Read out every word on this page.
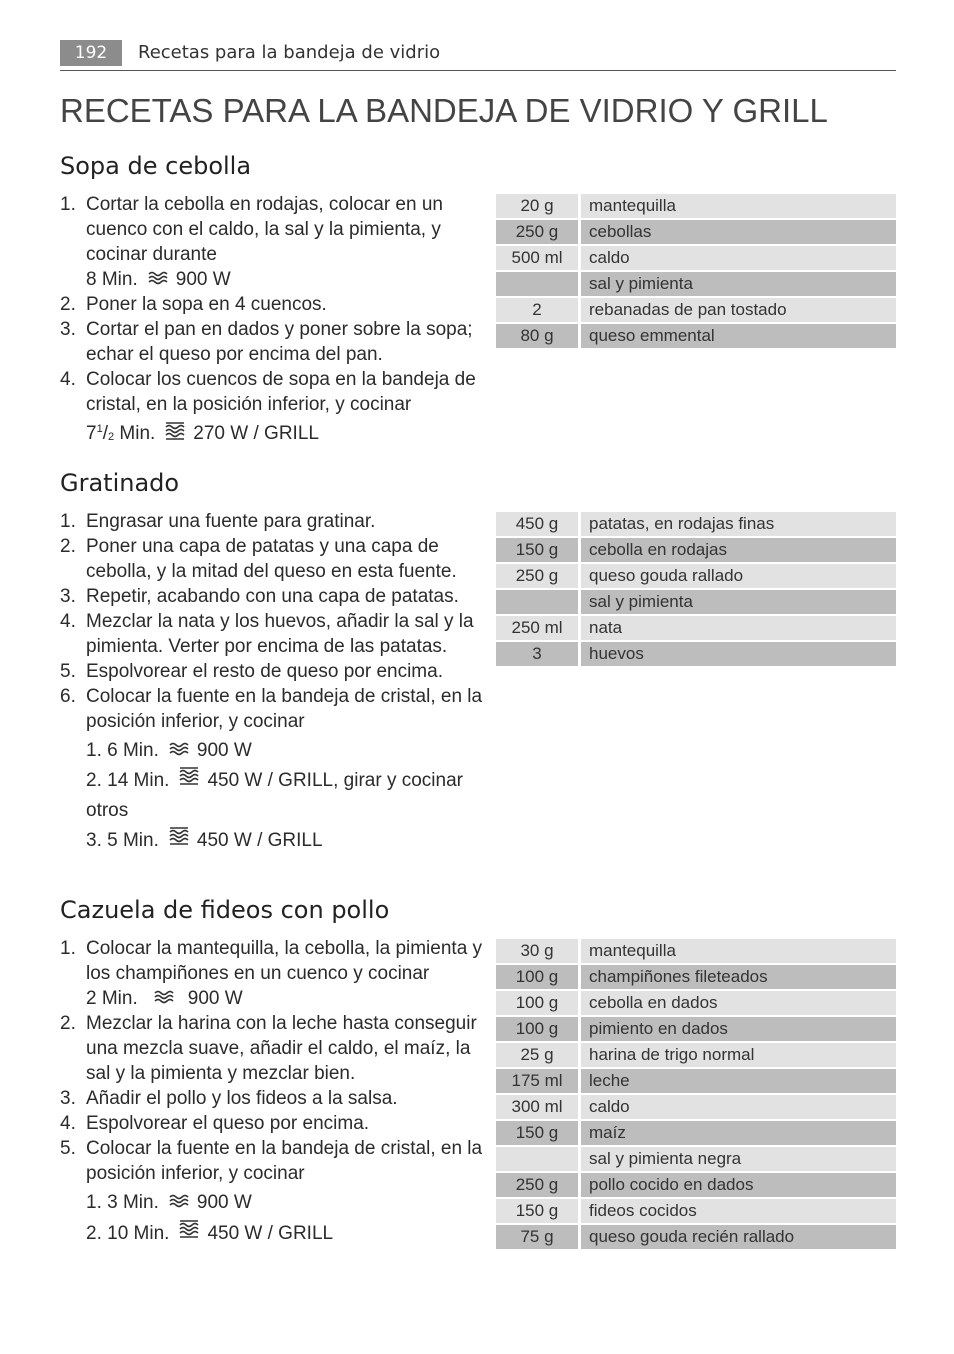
192	Recetas para la bandeja de vidrio
RECETAS PARA LA BANDEJA DE VIDRIO Y GRILL
Sopa de cebolla
1. Cortar la cebolla en rodajas, colocar en un cuenco con el caldo, la sal y la pimienta, y cocinar durante
8 Min. 900 W
2. Poner la sopa en 4 cuencos.
3. Cortar el pan en dados y poner sobre la sopa; echar el queso por encima del pan.
4. Colocar los cuencos de sopa en la bandeja de cristal, en la posición inferior, y cocinar
$7^1/_2$ Min. 270 W / GRILL
20 g	mantequilla
250 g	cebollas
500 ml	caldo
	sal y pimienta
2	rebanadas de pan tostado
80 g	queso emmental
Gratinado
1. Engrasar una fuente para gratinar.
2. Poner una capa de patatas y una capa de cebolla, y la mitad del queso en esta fuente.
3. Repetir, acabando con una capa de patatas.
4. Mezclar la nata y los huevos, añadir la sal y la pimienta. Verter por encima de las patatas.
5. Espolvorear el resto de queso por encima.
6. Colocar la fuente en la bandeja de cristal, en la posición inferior, y cocinar
1. 6 Min. 900 W
2. 14 Min. 450 W / GRILL, girar y cocinar
otros
3. 5 Min. 450 W / GRILL
450 g	patatas, en rodajas finas
150 g	cebolla en rodajas
250 g	queso gouda rallado
	sal y pimienta
250 ml	nata
3	huevos
Cazuela de fideos con pollo
1. Colocar la mantequilla, la cebolla, la pimienta y los champiñones en un cuenco y cocinar
2 Min.	900 W
2. Mezclar la harina con la leche hasta conseguir una mezcla suave, añadir el caldo, el maíz, la sal y la pimienta y mezclar bien.
3. Añadir el pollo y los fideos a la salsa.
4. Espolvorear el queso por encima.
5. Colocar la fuente en la bandeja de cristal, en la posición inferior, y cocinar
1. 3 Min. 900 W
2. 10 Min. 450 W / GRILL
30 g	mantequilla
100 g	champiñones fileteados
100 g	cebolla en dados
100 g	pimiento en dados
25 g	harina de trigo normal
175 ml	leche
300 ml	caldo
150 g	maíz
	sal y pimienta negra
250 g	pollo cocido en dados
150 g	fideos cocidos
75 g	queso gouda recién rallado
